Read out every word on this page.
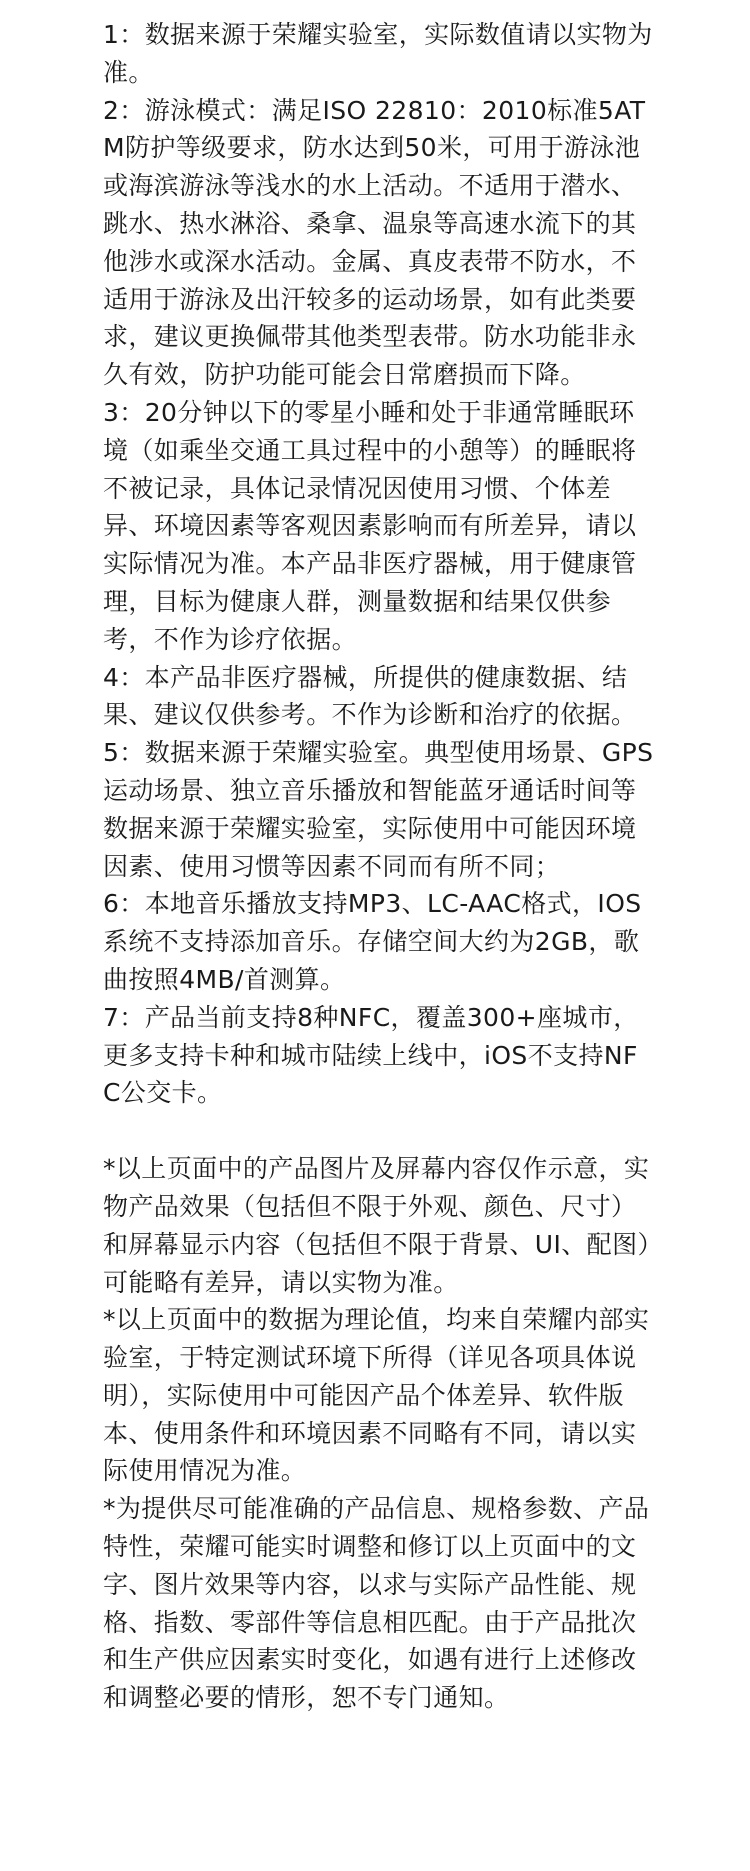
1：数据来源于荣耀实验室，实际数值请以实物为准。

2：游泳模式：满足ISO 22810：2010标准5ATM防护等级要求，防水达到50米，可用于游泳池或海滨游泳等浅水的水上活动。不适用于潜水、跳水、热水淋浴、桑拿、温泉等高速水流下的其他涉水或深水活动。金属、真皮表带不防水，不适用于游泳及出汗较多的运动场景，如有此类要求，建议更换佩带其他类型表带。防水功能非永久有效，防护功能可能会日常磨损而下降。

3：20分钟以下的零星小睡和处于非通常睡眠环境（如乘坐交通工具过程中的小憩等）的睡眠将不被记录，具体记录情况因使用习惯、个体差异、环境因素等客观因素影响而有所差异，请以实际情况为准。本产品非医疗器械，用于健康管理，目标为健康人群，测量数据和结果仅供参考，不作为诊疗依据。

4：本产品非医疗器械，所提供的健康数据、结果、建议仅供参考。不作为诊断和治疗的依据。

5：数据来源于荣耀实验室。典型使用场景、GPS运动场景、独立音乐播放和智能蓝牙通话时间等数据来源于荣耀实验室，实际使用中可能因环境因素、使用习惯等因素不同而有所不同；

6：本地音乐播放支持MP3、LC-AAC格式，IOS系统不支持添加音乐。存储空间大约为2GB，歌曲按照4MB/首测算。

7：产品当前支持8种NFC，覆盖300+座城市，更多支持卡种和城市陆续上线中，iOS不支持NFC公交卡。

*以上页面中的产品图片及屏幕内容仅作示意，实物产品效果（包括但不限于外观、颜色、尺寸）和屏幕显示内容（包括但不限于背景、UI、配图）可能略有差异，请以实物为准。

*以上页面中的数据为理论值，均来自荣耀内部实验室，于特定测试环境下所得（详见各项具体说明），实际使用中可能因产品个体差异、软件版本、使用条件和环境因素不同略有不同，请以实际使用情况为准。

*为提供尽可能准确的产品信息、规格参数、产品特性，荣耀可能实时调整和修订以上页面中的文字、图片效果等内容，以求与实际产品性能、规格、指数、零部件等信息相匹配。由于产品批次和生产供应因素实时变化，如遇有进行上述修改和调整必要的情形，恕不专门通知。
